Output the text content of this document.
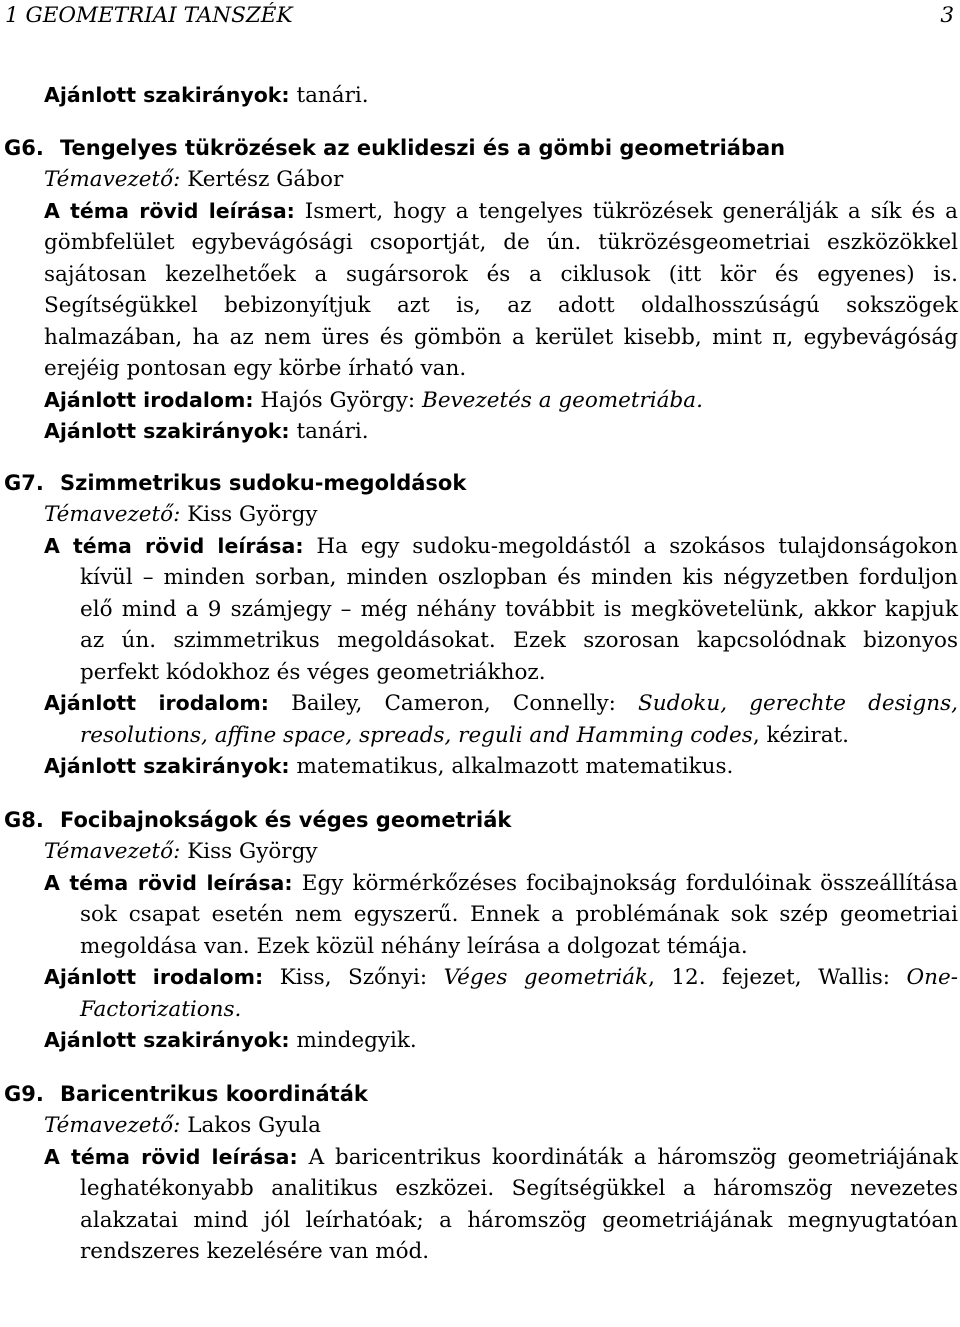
1 GEOMETRIAI TANSZÉK	3

Ajánlott szakirányok: tanári.

G6. Tengelyes tükrözések az euklideszi és a gömbi geometriában

Témavezető: Kertész Gábor

A téma rövid leírása: Ismert, hogy a tengelyes tükrözések generálják a sík és a gömbfelület egybevágósági csoportját, de ún. tükrözésgeometriai eszközökkel sajátosan kezelhetőek a sugársorok és a ciklusok (itt kör és egyenes) is. Segítségükkel bebizonyítjuk azt is, az adott oldalhosszúságú sokszögek halmazában, ha az nem üres és gömbön a kerület kisebb, mint π, egybevágóság erejéig pontosan egy körbe írható van.

Ajánlott irodalom: Hajós György: Bevezetés a geometriába.

Ajánlott szakirányok: tanári.

G7. Szimmetrikus sudoku-megoldások

Témavezető: Kiss György

A téma rövid leírása: Ha egy sudoku-megoldástól a szokásos tulajdonságokon kívül – minden sorban, minden oszlopban és minden kis négyzetben forduljon elő mind a 9 számjegy – még néhány továbbit is megkövetelünk, akkor kapjuk az ún. szimmetrikus megoldásokat. Ezek szorosan kapcsolódnak bizonyos perfekt kódokhoz és véges geometriákhoz.

Ajánlott irodalom: Bailey, Cameron, Connelly: Sudoku, gerechte designs, resolutions, affine space, spreads, reguli and Hamming codes, kézirat.

Ajánlott szakirányok: matematikus, alkalmazott matematikus.

G8. Focibajnokságok és véges geometriák

Témavezető: Kiss György

A téma rövid leírása: Egy körmérkőzéses focibajnokság fordulóinak összeállítása sok csapat esetén nem egyszerű. Ennek a problémának sok szép geometriai megoldása van. Ezek közül néhány leírása a dolgozat témája.

Ajánlott irodalom: Kiss, Szőnyi: Véges geometriák, 12. fejezet, Wallis: One-Factorizations.

Ajánlott szakirányok: mindegyik.

G9. Baricentrikus koordináták

Témavezető: Lakos Gyula

A téma rövid leírása: A baricentrikus koordináták a háromszög geometriájának leghatékonyabb analitikus eszközei. Segítségükkel a háromszög nevezetes alakzatai mind jól leírhatóak; a háromszög geometriájának megnyugtatóan rendszeres kezelésére van mód.
